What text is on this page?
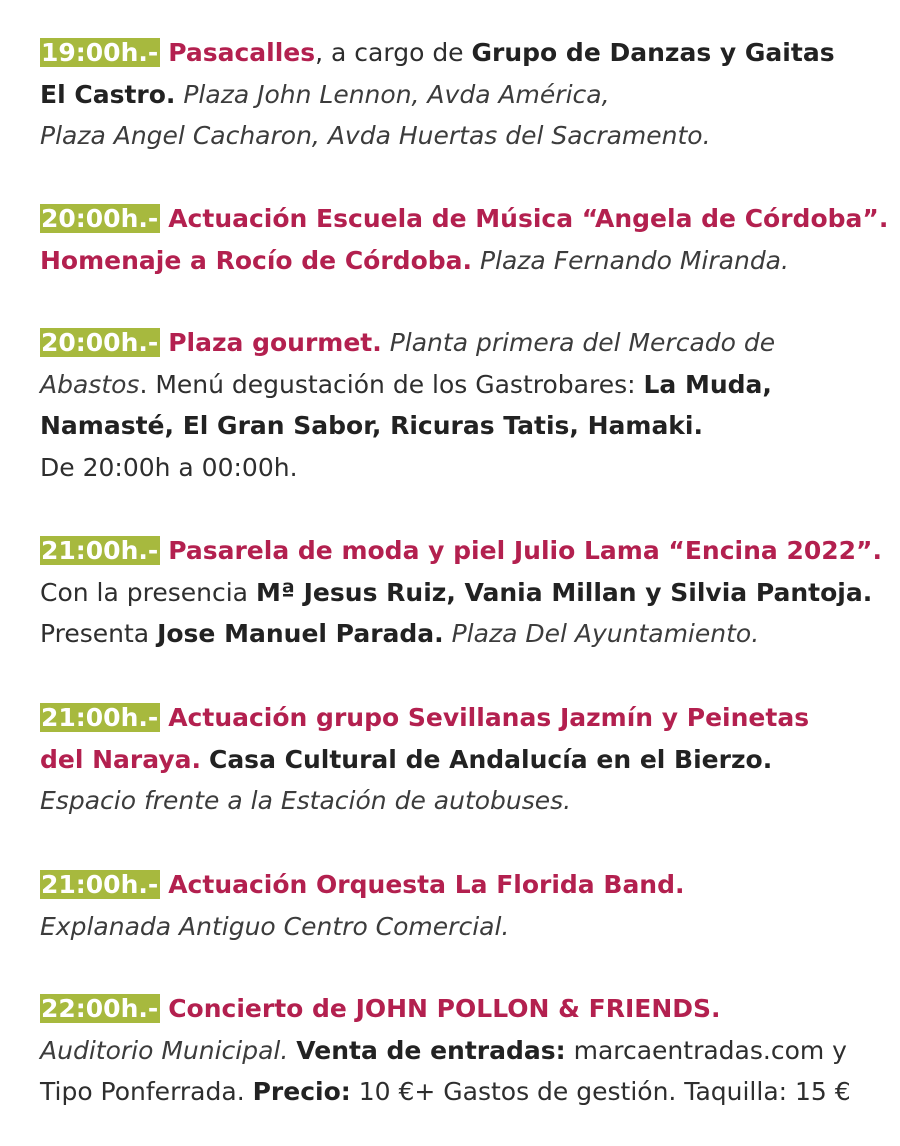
19:00h.- Pasacalles, a cargo de Grupo de Danzas y Gaitas

El Castro. Plaza John Lennon, Avda América,

Plaza Angel Cacharon, Avda Huertas del Sacramento.

20:00h.- Actuación Escuela de Música “Angela de Córdoba”.

Homenaje a Rocío de Córdoba. Plaza Fernando Miranda.

20:00h.- Plaza gourmet. Planta primera del Mercado de

Abastos. Menú degustación de los Gastrobares: La Muda,

Namasté, El Gran Sabor, Ricuras Tatis, Hamaki.

De 20:00h a 00:00h.

21:00h.- Pasarela de moda y piel Julio Lama “Encina 2022”.

Con la presencia Mª Jesus Ruiz, Vania Millan y Silvia Pantoja.

Presenta Jose Manuel Parada. Plaza Del Ayuntamiento.

21:00h.- Actuación grupo Sevillanas Jazmín y Peinetas

del Naraya. Casa Cultural de Andalucía en el Bierzo.

Espacio frente a la Estación de autobuses.

21:00h.- Actuación Orquesta La Florida Band.

Explanada Antiguo Centro Comercial.

22:00h.- Concierto de JOHN POLLON & FRIENDS.

Auditorio Municipal. Venta de entradas: marcaentradas.com y

Tipo Ponferrada. Precio: 10 €+ Gastos de gestión. Taquilla: 15 €
